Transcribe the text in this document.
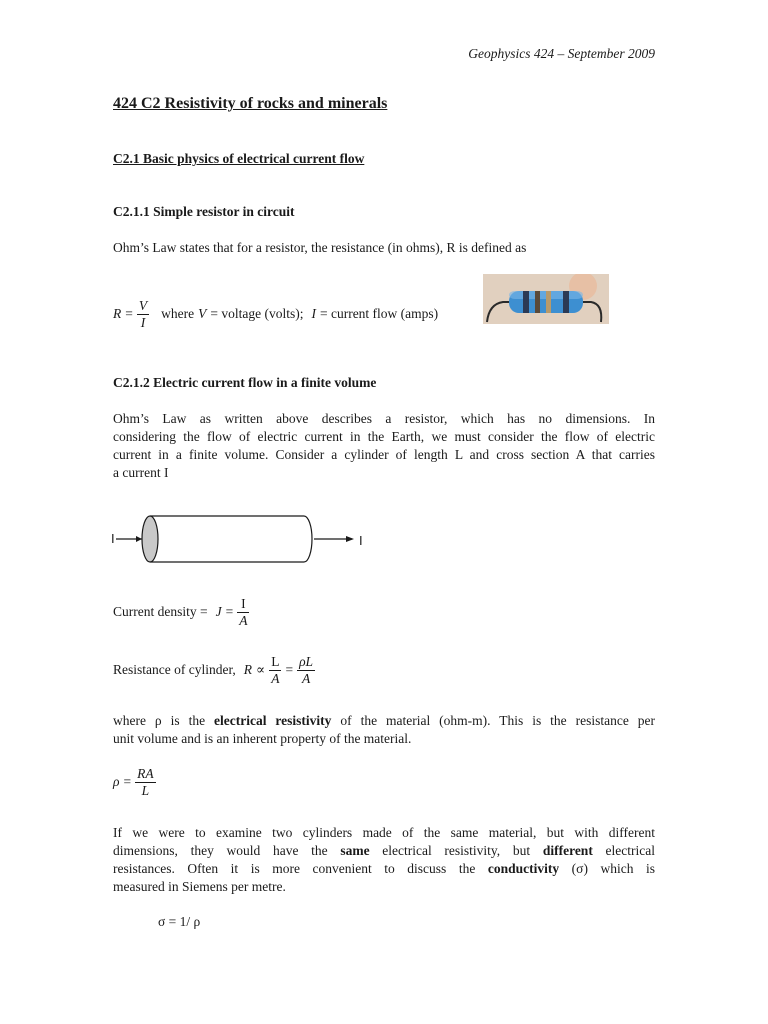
Geophysics 424 – September 2009
424 C2 Resistivity of rocks and minerals
C2.1 Basic physics of electrical current flow
C2.1.1 Simple resistor in circuit
Ohm’s Law states that for a resistor, the resistance (in ohms), R is defined as
$R = \frac{V}{I}$ where V = voltage (volts); I = current flow (amps)
C2.1.2 Electric current flow in a finite volume
Ohm’s Law as written above describes a resistor, which has no dimensions. In
considering the flow of electric current in the Earth, we must consider the flow of electric
current in a finite volume. Consider a cylinder of length L and cross section A that carries
a current I
I	I
Current density = $J = \frac{I}{A}$
Resistance of cylinder, $R \propto \frac{L}{A} = \frac{\rho L}{A}$
where ρ is the electrical resistivity of the material (ohm-m). This is the resistance per
unit volume and is an inherent property of the material.
$\rho = \frac{RA}{L}$
If we were to examine two cylinders made of the same material, but with different
dimensions, they would have the same electrical resistivity, but different electrical
resistances. Often it is more convenient to discuss the conductivity (σ) which is
measured in Siemens per metre.
σ = 1/ ρ
